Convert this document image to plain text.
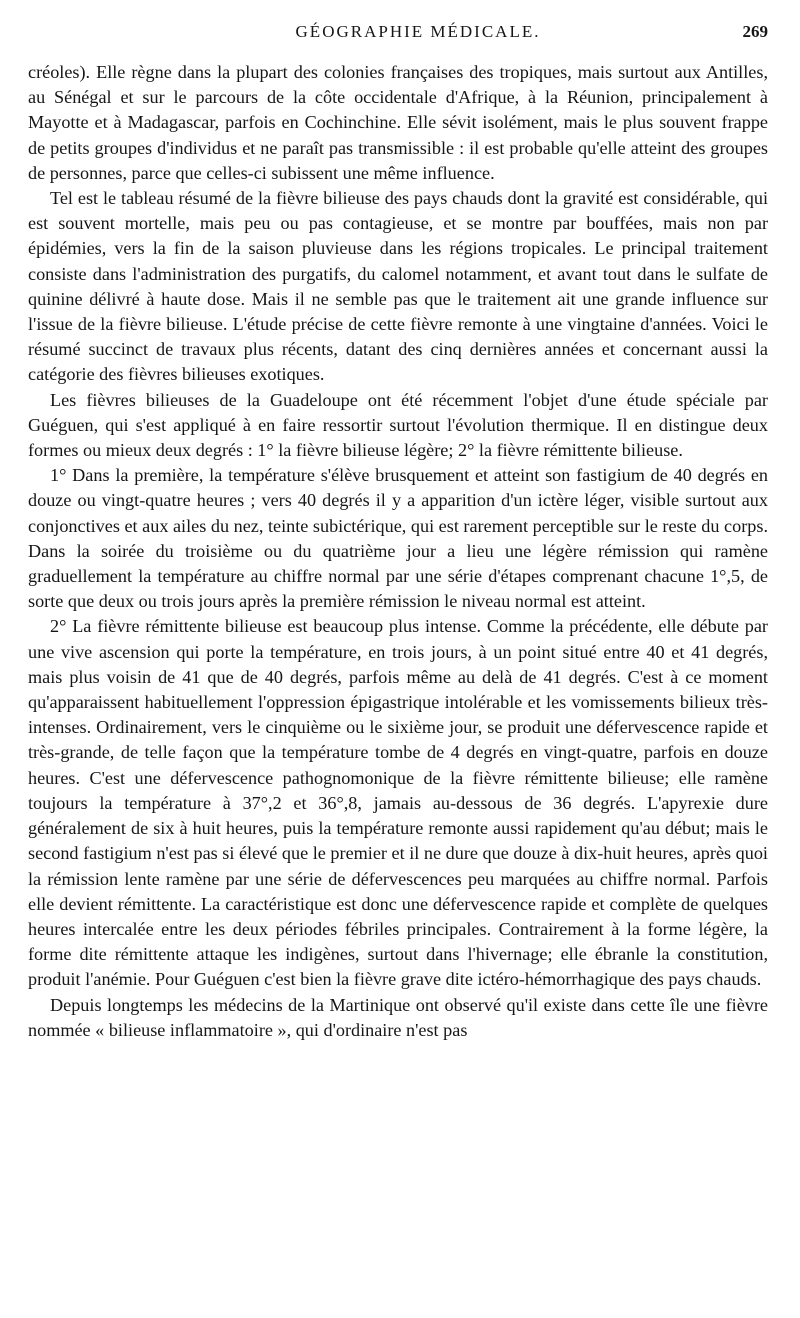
GÉOGRAPHIE MÉDICALE.	269

créoles). Elle règne dans la plupart des colonies françaises des tropiques, mais surtout aux Antilles, au Sénégal et sur le parcours de la côte occidentale d'Afrique, à la Réunion, principalement à Mayotte et à Madagascar, parfois en Cochinchine. Elle sévit isolément, mais le plus souvent frappe de petits groupes d'individus et ne paraît pas transmissible : il est probable qu'elle atteint des groupes de personnes, parce que celles-ci subissent une même influence.

Tel est le tableau résumé de la fièvre bilieuse des pays chauds dont la gravité est considérable, qui est souvent mortelle, mais peu ou pas contagieuse, et se montre par bouffées, mais non par épidémies, vers la fin de la saison pluvieuse dans les régions tropicales. Le principal traitement consiste dans l'administration des purgatifs, du calomel notamment, et avant tout dans le sulfate de quinine délivré à haute dose. Mais il ne semble pas que le traitement ait une grande influence sur l'issue de la fièvre bilieuse. L'étude précise de cette fièvre remonte à une vingtaine d'années. Voici le résumé succinct de travaux plus récents, datant des cinq dernières années et concernant aussi la catégorie des fièvres bilieuses exotiques.

Les fièvres bilieuses de la Guadeloupe ont été récemment l'objet d'une étude spéciale par Guéguen, qui s'est appliqué à en faire ressortir surtout l'évolution thermique. Il en distingue deux formes ou mieux deux degrés : 1° la fièvre bilieuse légère; 2° la fièvre rémittente bilieuse.

1° Dans la première, la température s'élève brusquement et atteint son fastigium de 40 degrés en douze ou vingt-quatre heures ; vers 40 degrés il y a apparition d'un ictère léger, visible surtout aux conjonctives et aux ailes du nez, teinte subictérique, qui est rarement perceptible sur le reste du corps. Dans la soirée du troisième ou du quatrième jour a lieu une légère rémission qui ramène graduellement la température au chiffre normal par une série d'étapes comprenant chacune 1°,5, de sorte que deux ou trois jours après la première rémission le niveau normal est atteint.

2° La fièvre rémittente bilieuse est beaucoup plus intense. Comme la précédente, elle débute par une vive ascension qui porte la température, en trois jours, à un point situé entre 40 et 41 degrés, mais plus voisin de 41 que de 40 degrés, parfois même au delà de 41 degrés. C'est à ce moment qu'apparaissent habituellement l'oppression épigastrique intolérable et les vomissements bilieux très-intenses. Ordinairement, vers le cinquième ou le sixième jour, se produit une défervescence rapide et très-grande, de telle façon que la température tombe de 4 degrés en vingt-quatre, parfois en douze heures. C'est une défervescence pathognomonique de la fièvre rémittente bilieuse; elle ramène toujours la température à 37°,2 et 36°,8, jamais au-dessous de 36 degrés. L'apyrexie dure généralement de six à huit heures, puis la température remonte aussi rapidement qu'au début; mais le second fastigium n'est pas si élevé que le premier et il ne dure que douze à dix-huit heures, après quoi la rémission lente ramène par une série de défervescences peu marquées au chiffre normal. Parfois elle devient rémittente. La caractéristique est donc une défervescence rapide et complète de quelques heures intercalée entre les deux périodes fébriles principales. Contrairement à la forme légère, la forme dite rémittente attaque les indigènes, surtout dans l'hivernage; elle ébranle la constitution, produit l'anémie. Pour Guéguen c'est bien la fièvre grave dite ictéro-hémorrhagique des pays chauds.

Depuis longtemps les médecins de la Martinique ont observé qu'il existe dans cette île une fièvre nommée « bilieuse inflammatoire », qui d'ordinaire n'est pas
